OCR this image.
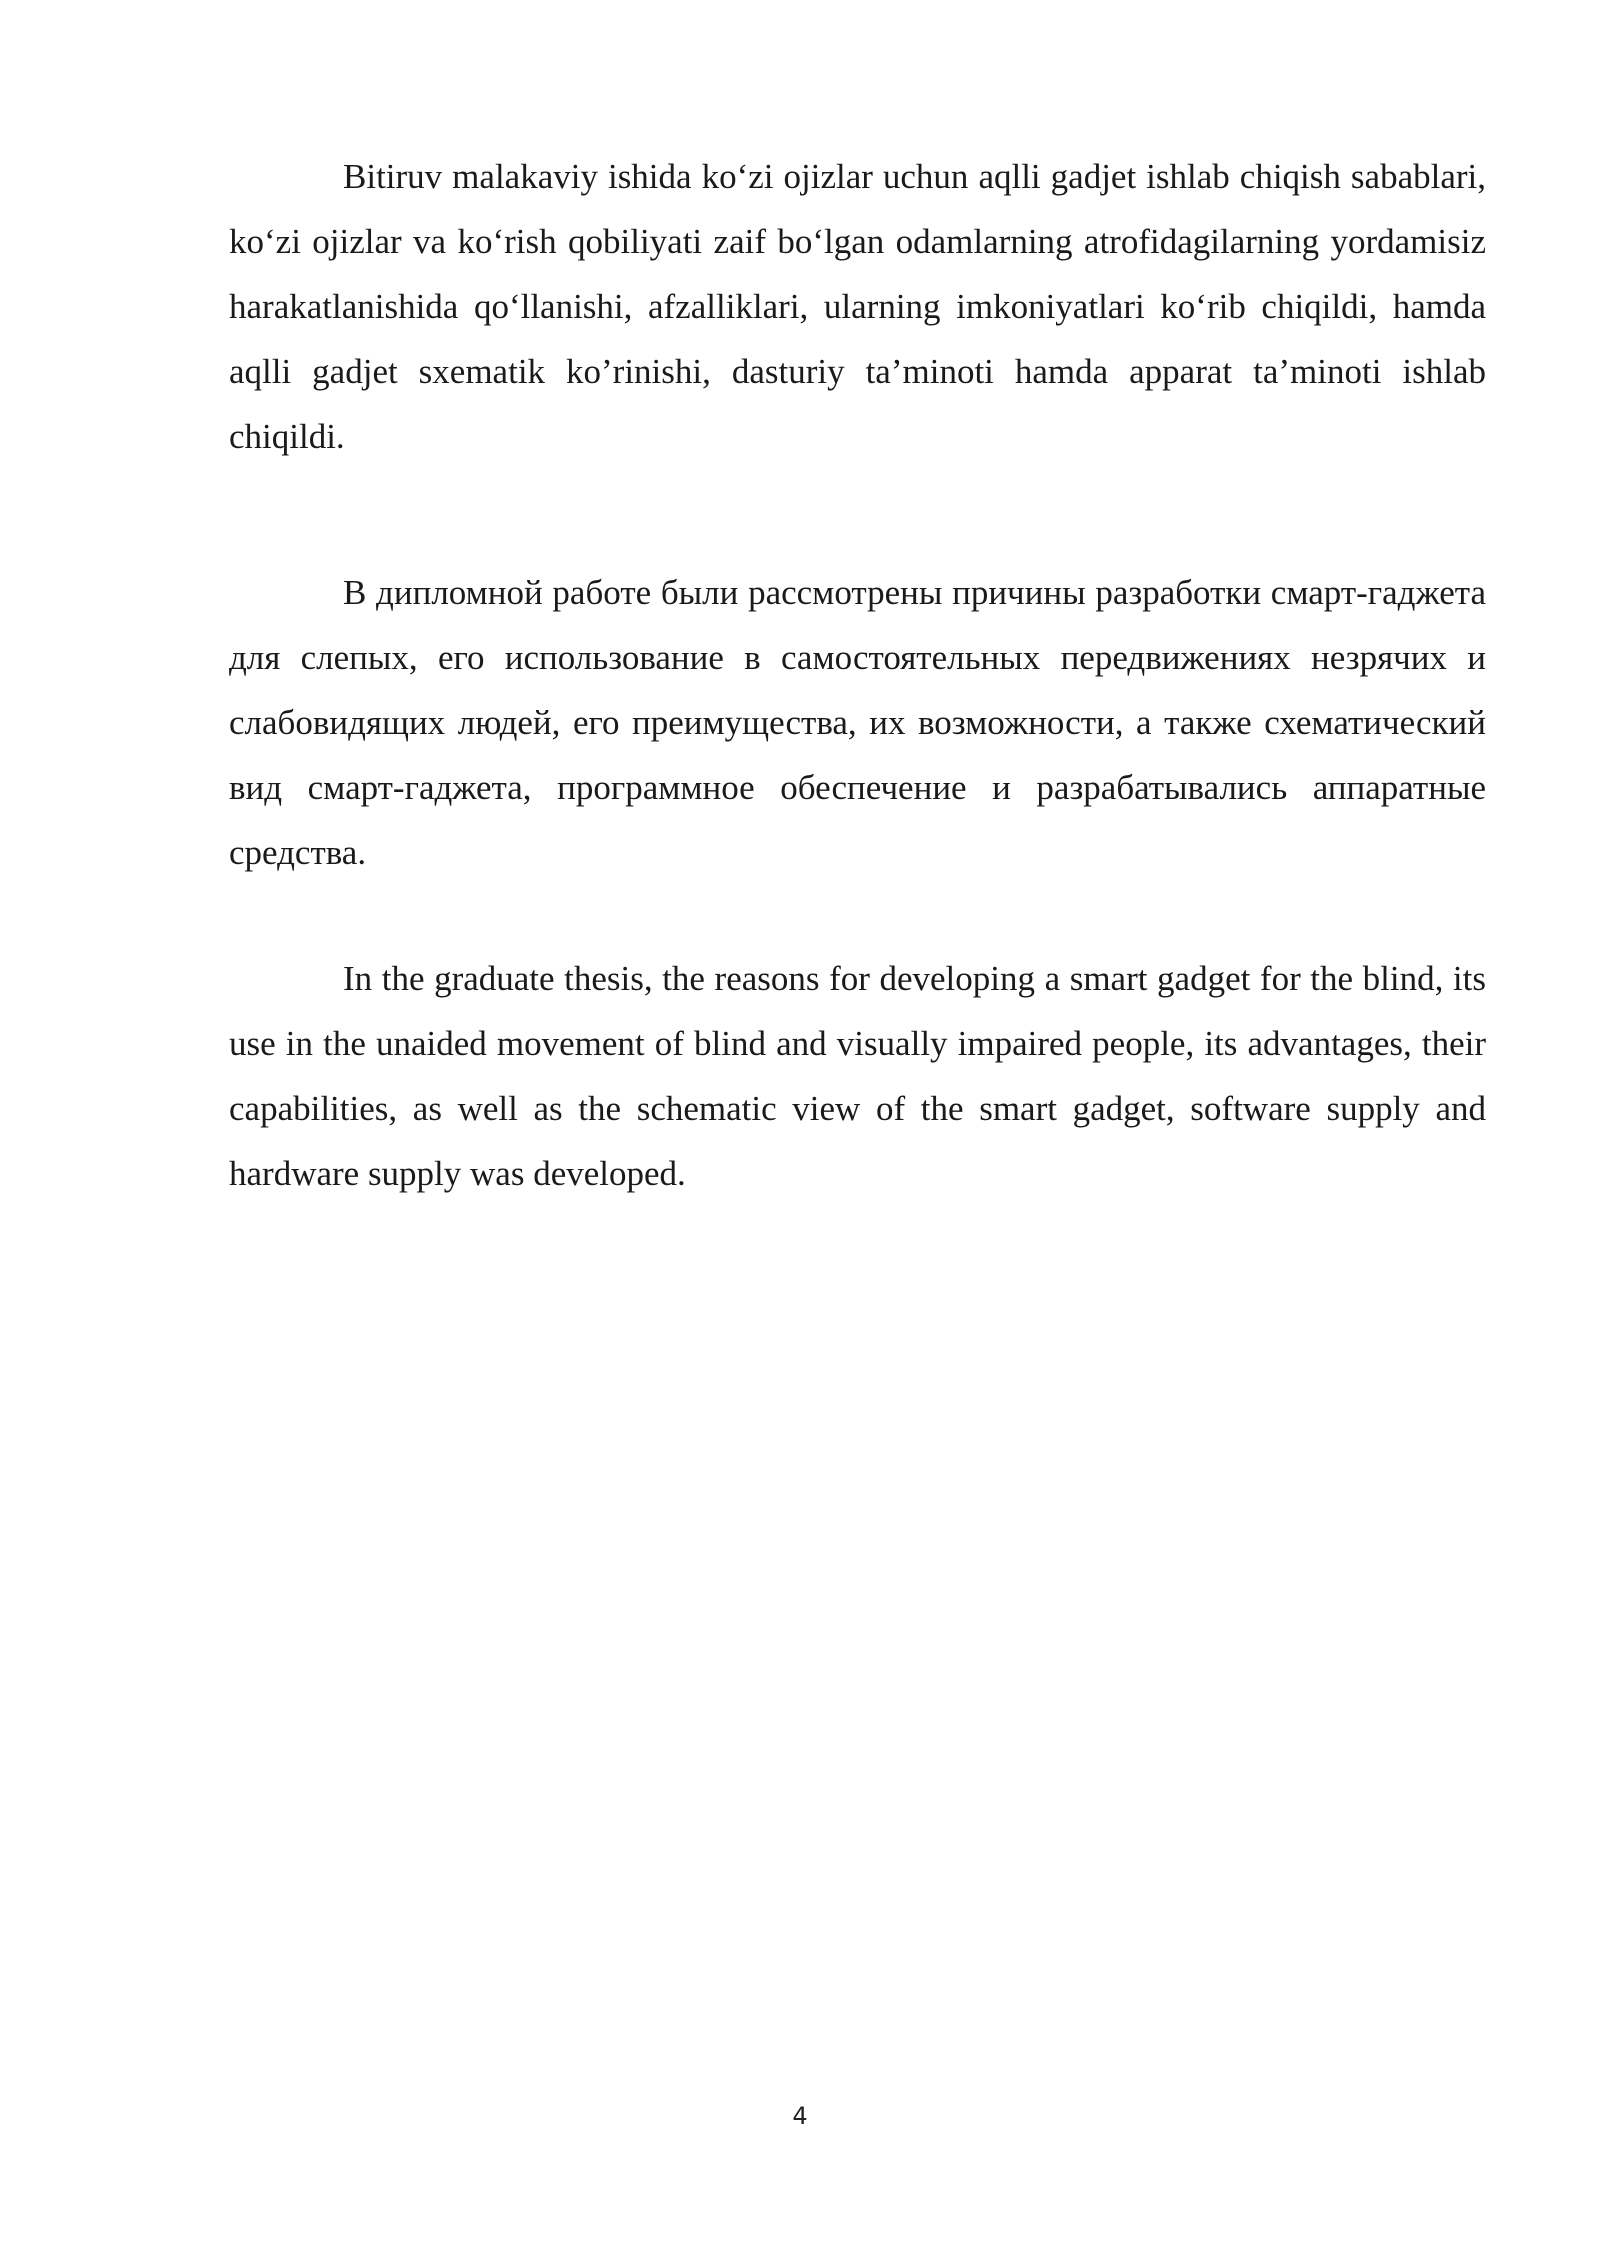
Bitiruv malakaviy ishida ko‘zi ojizlar uchun aqlli gadjet ishlab chiqish sabablari, ko‘zi ojizlar va ko‘rish qobiliyati zaif bo‘lgan odamlarning atrofidagilarning yordamisiz harakatlanishida qo‘llanishi, afzalliklari, ularning imkoniyatlari ko‘rib chiqildi, hamda aqlli gadjet sxematik ko’rinishi, dasturiy ta’minoti hamda apparat ta’minoti ishlab chiqildi.

В дипломной работе были рассмотрены причины разработки смарт-гаджета для слепых, его использование в самостоятельных передвижениях незрячих и слабовидящих людей, его преимущества, их возможности, а также схематический вид смарт-гаджета, программное обеспечение и разрабатывались аппаратные средства.

In the graduate thesis, the reasons for developing a smart gadget for the blind, its use in the unaided movement of blind and visually impaired people, its advantages, their capabilities, as well as the schematic view of the smart gadget, software supply and hardware supply was developed.

4
